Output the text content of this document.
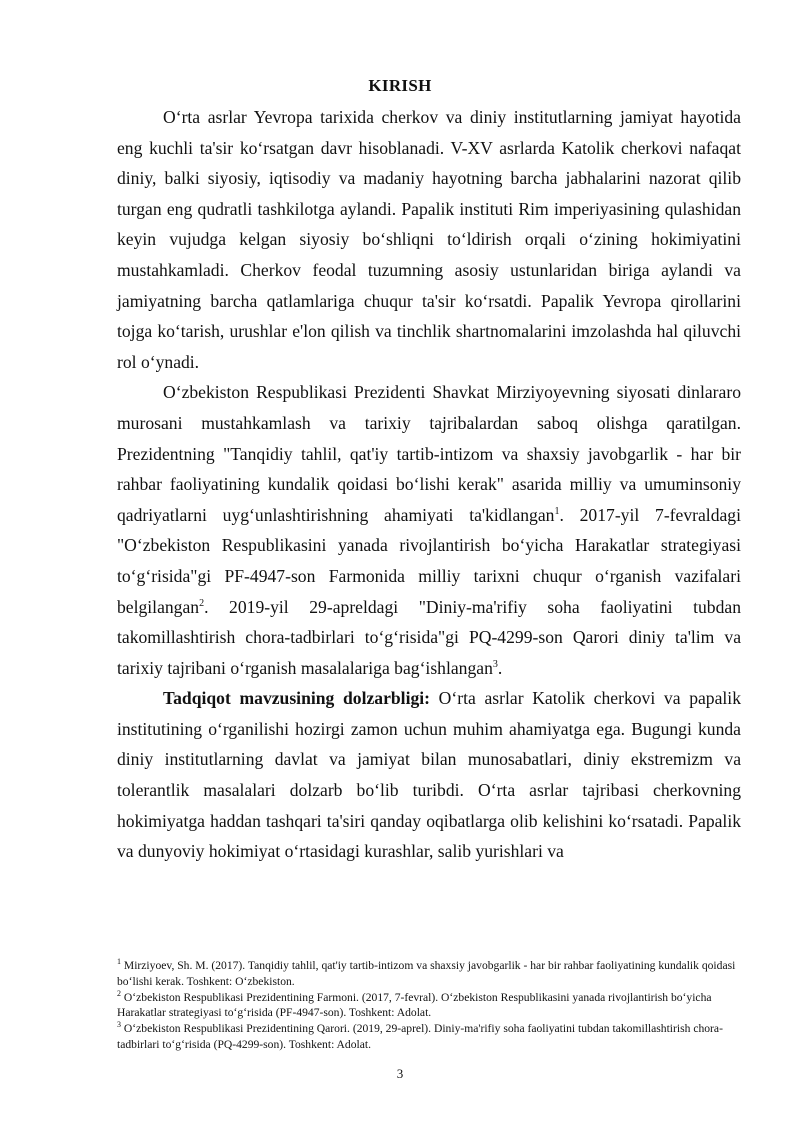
KIRISH

O‘rta asrlar Yevropa tarixida cherkov va diniy institutlarning jamiyat hayotida eng kuchli ta'sir ko‘rsatgan davr hisoblanadi. V-XV asrlarda Katolik cherkovi nafaqat diniy, balki siyosiy, iqtisodiy va madaniy hayotning barcha jabhalarini nazorat qilib turgan eng qudratli tashkilotga aylandi. Papalik instituti Rim imperiyasining qulashidan keyin vujudga kelgan siyosiy bo‘shliqni to‘ldirish orqali o‘zining hokimiyatini mustahkamladi. Cherkov feodal tuzumning asosiy ustunlaridan biriga aylandi va jamiyatning barcha qatlamlariga chuqur ta'sir ko‘rsatdi. Papalik Yevropa qirollarini tojga ko‘tarish, urushlar e'lon qilish va tinchlik shartnomalarini imzolashda hal qiluvchi rol o‘ynadi.

O‘zbekiston Respublikasi Prezidenti Shavkat Mirziyoyevning siyosati dinlararo murosani mustahkamlash va tarixiy tajribalardan saboq olishga qaratilgan. Prezidentning "Tanqidiy tahlil, qat'iy tartib-intizom va shaxsiy javobgarlik - har bir rahbar faoliyatining kundalik qoidasi bo‘lishi kerak" asarida milliy va umuminsoniy qadriyatlarni uyg‘unlashtirishning ahamiyati ta'kidlangan$^1$. 2017-yil 7-fevraldagi "O‘zbekiston Respublikasini yanada rivojlantirish bo‘yicha Harakatlar strategiyasi to‘g‘risida"gi PF-4947-son Farmonida milliy tarixni chuqur o‘rganish vazifalari belgilangan$^2$. 2019-yil 29-apreldagi "Diniy-ma'rifiy soha faoliyatini tubdan takomillashtirish chora-tadbirlari to‘g‘risida"gi PQ-4299-son Qarori diniy ta'lim va tarixiy tajribani o‘rganish masalalariga bag‘ishlangan$^3$.

Tadqiqot mavzusining dolzarbligi: O‘rta asrlar Katolik cherkovi va papalik institutining o‘rganilishi hozirgi zamon uchun muhim ahamiyatga ega. Bugungi kunda diniy institutlarning davlat va jamiyat bilan munosabatlari, diniy ekstremizm va tolerantlik masalalari dolzarb bo‘lib turibdi. O‘rta asrlar tajribasi cherkovning hokimiyatga haddan tashqari ta'siri qanday oqibatlarga olib kelishini ko‘rsatadi. Papalik va dunyoviy hokimiyat o‘rtasidagi kurashlar, salib yurishlari va

$^1$ Mirziyoev, Sh. M. (2017). Tanqidiy tahlil, qat'iy tartib-intizom va shaxsiy javobgarlik - har bir rahbar faoliyatining kundalik qoidasi bo‘lishi kerak. Toshkent: O‘zbekiston.
$^2$ O‘zbekiston Respublikasi Prezidentining Farmoni. (2017, 7-fevral). O‘zbekiston Respublikasini yanada rivojlantirish bo‘yicha Harakatlar strategiyasi to‘g‘risida (PF-4947-son). Toshkent: Adolat.
$^3$ O‘zbekiston Respublikasi Prezidentining Qarori. (2019, 29-aprel). Diniy-ma'rifiy soha faoliyatini tubdan takomillashtirish chora-tadbirlari to‘g‘risida (PQ-4299-son). Toshkent: Adolat.
3
